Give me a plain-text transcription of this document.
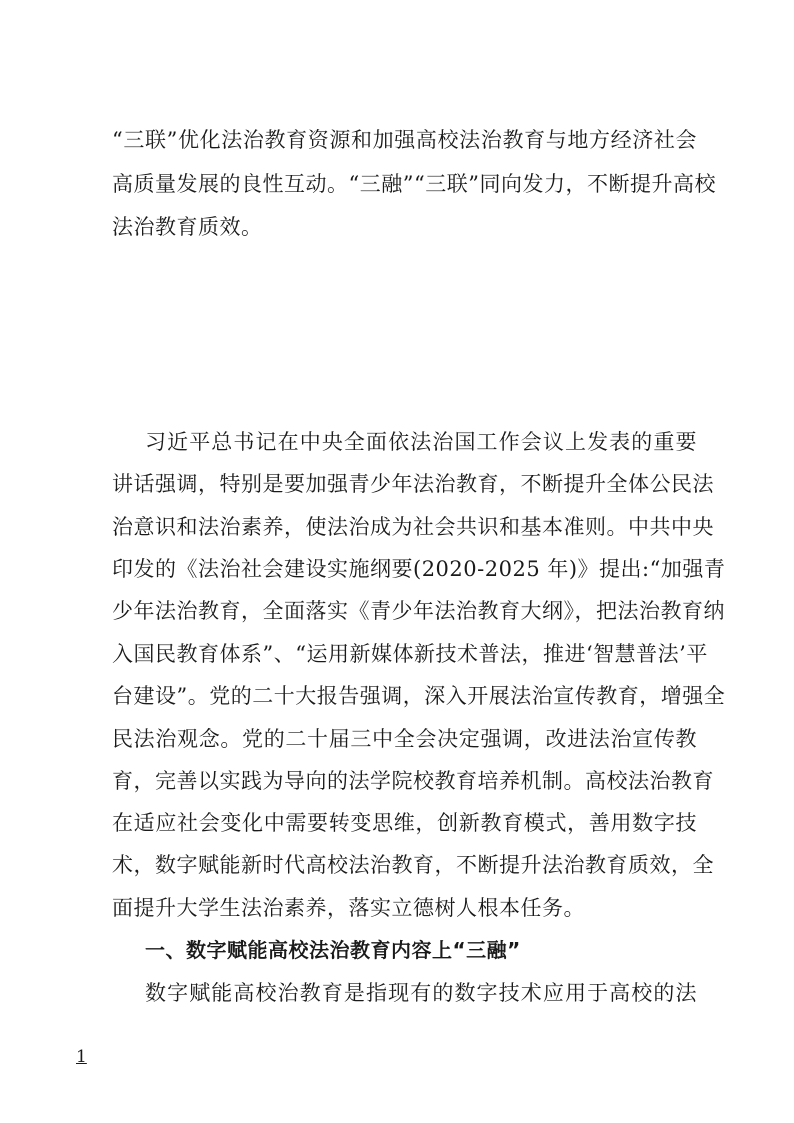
“三联”优化法治教育资源和加强高校法治教育与地方经济社会
高质量发展的良性互动。“三融”“三联”同向发力，不断提升高校
法治教育质效。
习近平总书记在中央全面依法治国工作会议上发表的重要
讲话强调，特别是要加强青少年法治教育，不断提升全体公民法
治意识和法治素养，使法治成为社会共识和基本准则。中共中央
印发的《法治社会建设实施纲要(2020-2025 年)》提出:“加强青
少年法治教育，全面落实《青少年法治教育大纲》，把法治教育纳
入国民教育体系”、“运用新媒体新技术普法，推进‘智慧普法’平
台建设”。党的二十大报告强调，深入开展法治宣传教育，增强全
民法治观念。党的二十届三中全会决定强调，改进法治宣传教
育，完善以实践为导向的法学院校教育培养机制。高校法治教育
在适应社会变化中需要转变思维，创新教育模式，善用数字技
术，数字赋能新时代高校法治教育，不断提升法治教育质效，全
面提升大学生法治素养，落实立德树人根本任务。
一、数字赋能高校法治教育内容上“三融”
数字赋能高校治教育是指现有的数字技术应用于高校的法
1
